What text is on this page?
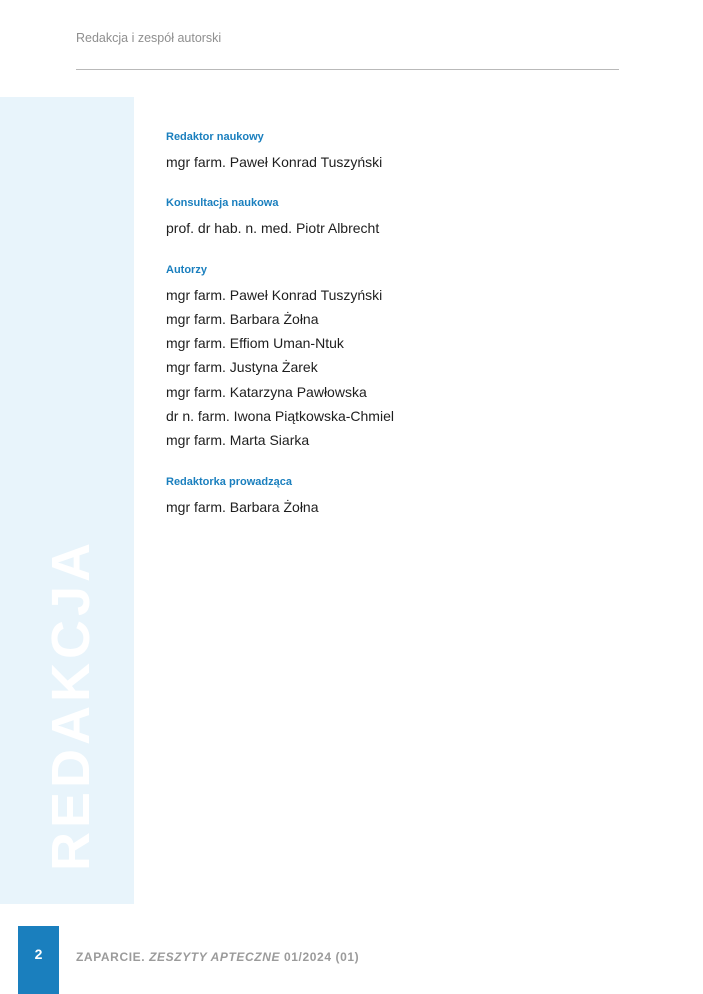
Redakcja i zespół autorski
REDAKCJA
Redaktor naukowy
mgr farm. Paweł Konrad Tuszyński
Konsultacja naukowa
prof. dr hab. n. med. Piotr Albrecht
Autorzy
mgr farm. Paweł Konrad Tuszyński
mgr farm. Barbara Żołna
mgr farm. Effiom Uman-Ntuk
mgr farm. Justyna Żarek
mgr farm. Katarzyna Pawłowska
dr n. farm. Iwona Piątkowska-Chmiel
mgr farm. Marta Siarka
Redaktorka prowadząca
mgr farm. Barbara Żołna
2	ZAPARCIE. ZESZYTY APTECZNE 01/2024 (01)
